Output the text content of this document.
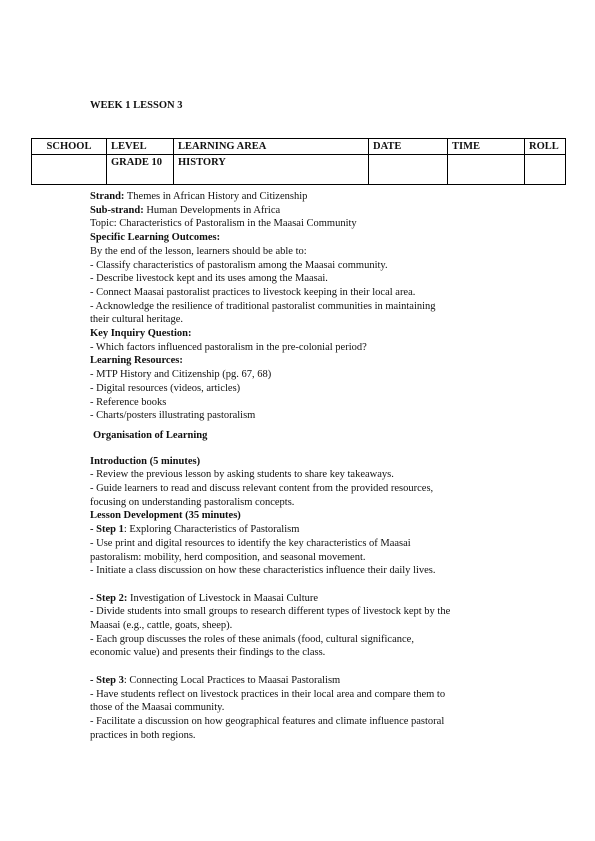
WEEK 1 LESSON 3
SCHOOL	LEVEL	LEARNING AREA	DATE	TIME	ROLL
	GRADE 10	HISTORY			
Strand: Themes in African History and Citizenship
Sub-strand: Human Developments in Africa
Topic: Characteristics of Pastoralism in the Maasai Community
Specific Learning Outcomes:
By the end of the lesson, learners should be able to:
- Classify characteristics of pastoralism among the Maasai community.
- Describe livestock kept and its uses among the Maasai.
- Connect Maasai pastoralist practices to livestock keeping in their local area.
- Acknowledge the resilience of traditional pastoralist communities in maintaining
their cultural heritage.
Key Inquiry Question:
- Which factors influenced pastoralism in the pre-colonial period?
Learning Resources:
- MTP History and Citizenship (pg. 67, 68)
- Digital resources (videos, articles)
- Reference books
- Charts/posters illustrating pastoralism
Organisation of Learning
Introduction (5 minutes)
- Review the previous lesson by asking students to share key takeaways.
- Guide learners to read and discuss relevant content from the provided resources,
focusing on understanding pastoralism concepts.
Lesson Development (35 minutes)
- Step 1: Exploring Characteristics of Pastoralism
- Use print and digital resources to identify the key characteristics of Maasai
pastoralism: mobility, herd composition, and seasonal movement.
- Initiate a class discussion on how these characteristics influence their daily lives.
- Step 2: Investigation of Livestock in Maasai Culture
- Divide students into small groups to research different types of livestock kept by the
Maasai (e.g., cattle, goats, sheep).
- Each group discusses the roles of these animals (food, cultural significance,
economic value) and presents their findings to the class.
- Step 3: Connecting Local Practices to Maasai Pastoralism
- Have students reflect on livestock practices in their local area and compare them to
those of the Maasai community.
- Facilitate a discussion on how geographical features and climate influence pastoral
practices in both regions.
